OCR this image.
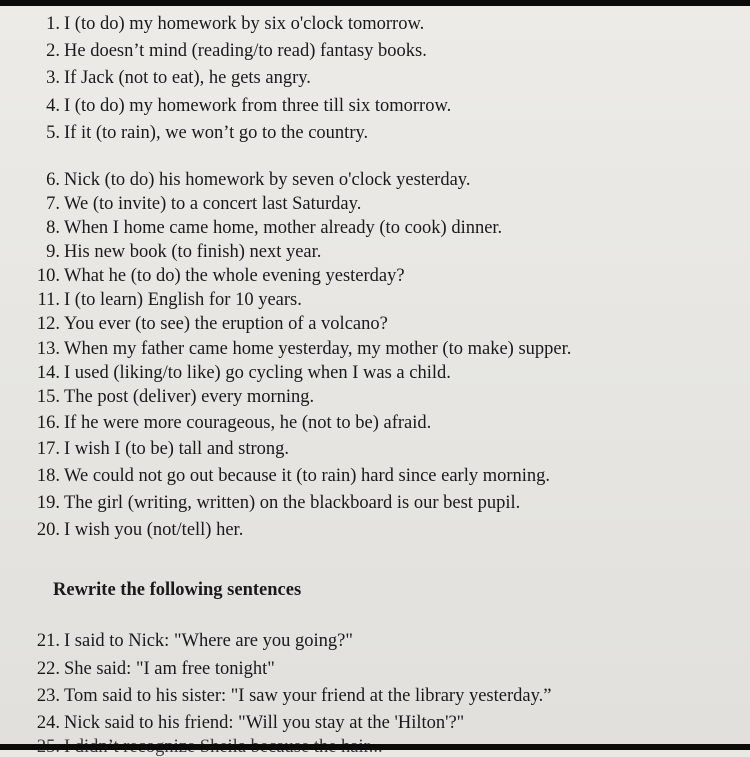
1. I (to do) my homework by six o'clock tomorrow.

2. He doesn’t mind (reading/to read) fantasy books.

3. If Jack (not to eat), he gets angry.

4. I (to do) my homework from three till six tomorrow.

5. If it (to rain), we won’t go to the country.

6. Nick (to do) his homework by seven o'clock yesterday.

7. We (to invite) to a concert last Saturday.

8. When I home came home, mother already (to cook) dinner.

9. His new book (to finish) next year.

10. What he (to do) the whole evening yesterday?

11. I (to learn) English for 10 years.

12. You ever (to see) the eruption of a volcano?

13. When my father came home yesterday, my mother (to make) supper.

14. I used (liking/to like) go cycling when I was a child.

15. The post (deliver) every morning.

16. If he were more courageous, he (not to be) afraid.

17. I wish I (to be) tall and strong.

18. We could not go out because it (to rain) hard since early morning.

19. The girl (writing, written) on the blackboard is our best pupil.

20. I wish you (not/tell) her.

Rewrite the following sentences

21. I said to Nick: "Where are you going?"

22. She said: "I am free tonight"

23. Tom said to his sister: "I saw your friend at the library yesterday.”

24. Nick said to his friend: "Will you stay at the 'Hilton'?"
